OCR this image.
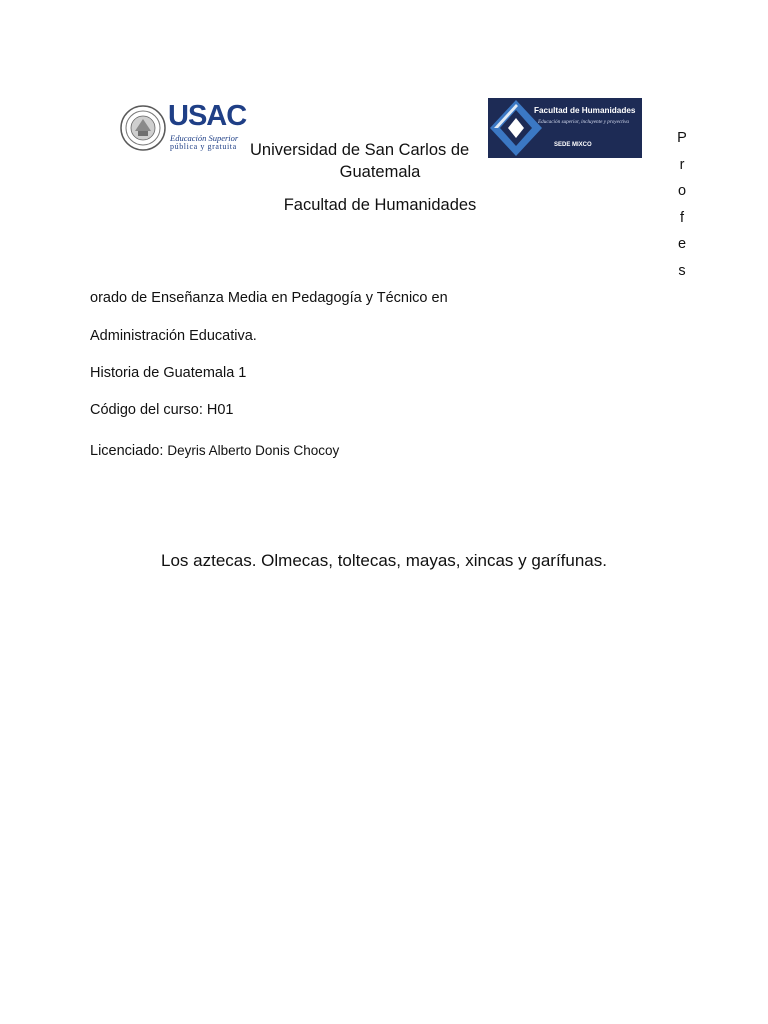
USAC
Educación Superior
pública y gratuita
Facultad de Humanidades
Educación superior, incluyente y proyectiva
SEDE MIXCO
Universidad de San Carlos de
Guatemala
Facultad de Humanidades
P
r
o
f
e
s
orado de Enseñanza Media en Pedagogía y Técnico en
Administración Educativa.
Historia de Guatemala 1
Código del curso: H01
Licenciado: Deyris Alberto Donis Chocoy
Los aztecas. Olmecas, toltecas, mayas, xincas y garífunas.
